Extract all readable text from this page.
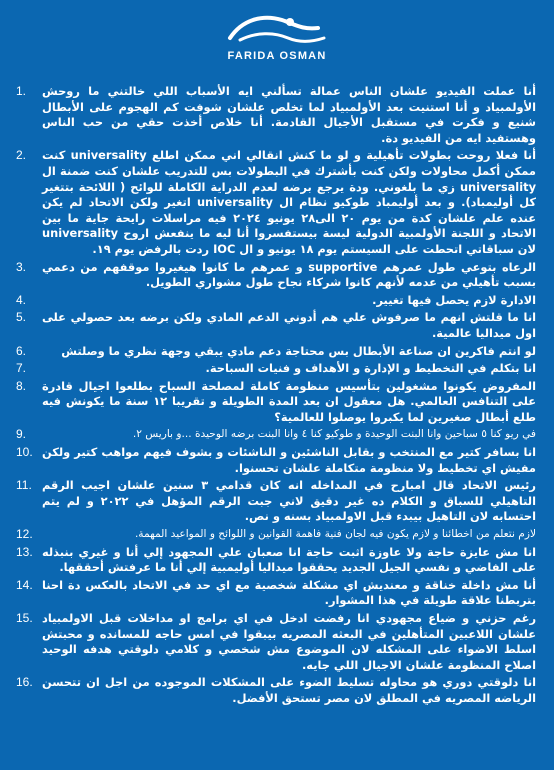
FARIDA OSMAN
1.	أنا عملت الفيديو علشان الناس عمالة تسألني ايه الأسباب اللي خالتني ما روحش الأولمبياد و أنا استنيت بعد الأولمبياد لما تخلص علشان شوفت كم الهجوم على الأبطال شنيع و فكرت في مستقبل الأجيال القادمة. أنا خلاص أخذت حقي من حب الناس وهستفيد ايه من الفيديو دة.
2.	أنا فعلا روحت بطولات تأهيلية و لو ما كنش انقالي اني ممكن اطلع universality كنت ممكن أكمل محاولات ولكن كنت بأشترك في البطولات بس للتدريب علشان كنت ضمنة ال universality زي ما بلغوني. ودة يرجع برضه لعدم الدراية الكاملة للوائح ( اللائحة بتتغير كل أوليمباد). و بعد أوليمباد طوكيو نظام ال universality اتغير ولكن الاتحاد لم يكن عنده علم علشان كدة من يوم ٢٠ الى٢٨ يونيو ٢٠٢٤ فيه مراسلات رايحة جاية ما بين الاتحاد و اللجنة الأولمبية الدولية ليسة بيستفسروا أنا ليه ما ينفعش اروح universality لان سباقاتي اتحطت على السيستم يوم ١٨ يونيو و ال IOC ردت بالرفض يوم ١٩.
3.	الرعاه بتوعي طول عمرهم supportive و عمرهم ما كانوا هيغيروا موقفهم من دعمي بسبب تأهيلي من عدمه لأنهم كانوا شركاء نجاح طول مشواري الطويل.
4.	الادارة لازم يحصل فيها تغيير.
5.	انا ما قلتش انهم ما صرفوش علي هم أدوني الدعم المادي ولكن برضه بعد حصولي على اول ميداليا عالمية.
6.	لو انتم فاكرين ان صناعة الأبطال بس محتاجة دعم مادي يبقي وجهة نظري ما وصلتش
7.	انا بتكلم في التخطيط و الإدارة و الأهداف و فنيات السباحة.
8.	المفروض يكونوا مشغولين بتأسيس منظومة كاملة لمصلحة السباح بطلعوا اجيال قادرة على التنافس العالمي. هل معقول ان بعد المدة الطويلة و تقريبا ١٢ سنة ما يكونش فيه طلع أبطال صغيرين لما يكبروا يوصلوا للعالمية؟
9.	في ريو كنا ٥ سباحين وانا البنت الوحيدة و طوكيو كنا ٤ وانا البنت برضه الوحيدة ...و باريس ٢.
10. انا بسافر كتير مع المنتخب و بقابل الناشئين و الناشئات و بشوف فيهم مواهب كتير ولكن مفيش اي تخطيط ولا منظومة متكاملة علشان تحسنوا.
11. رئيس الاتحاد قال امبارح في المداخله انه كان قدامي ٣ سنين علشان اجيب الرقم التاهيلي للسباق و الكلام ده غير دقيق لاني جبت الرقم المؤهل في ٢٠٢٢ و لم يتم احتسابه لان التاهيل بيبدء قبل الاولمبياد بسنه و نص.
12.	لازم نتعلم من اخطائنا و لازم يكون فيه لجان فنية فاهمة القوانين و اللوائح و المواعيد المهمة.
13. انا مش عايزة حاجة ولا عاوزة اثبت حاجة انا صعبان علي المجهود إلي أنا و غيري بنبذله على الفاضي و نفسي الجيل الجديد يحققوا ميداليا أوليمبية إلي أنا ما عرفتش أحققها.
14. أنا مش داخلة خناقة و معنديش اي مشكلة شخصية مع اي حد في الاتحاد بالعكس دة احنا بتربطنا علاقة طويلة في هذا المشوار.
15. رغم حزني و ضياع مجهودي انا رفضت ادخل في اي برامج او مداخلات قبل الاولمبياد علشان اللاعبين المتأهلين في البعثه المصريه بيبقوا في امس حاجه للمسانده و محبتش اسلط الاضواء على المشكله لان الموضوع مش شخصي و كلامي دلوقتي هدفه الوحيد اصلاح المنظومة علشان الاجيال اللي جايه.
16. انا دلوقتي دوري هو محاوله تسليط الضوء على المشكلات الموجوده من اجل ان تتحسن الرياضه المصريه في المطلق لان مصر تستحق الأفضل.
